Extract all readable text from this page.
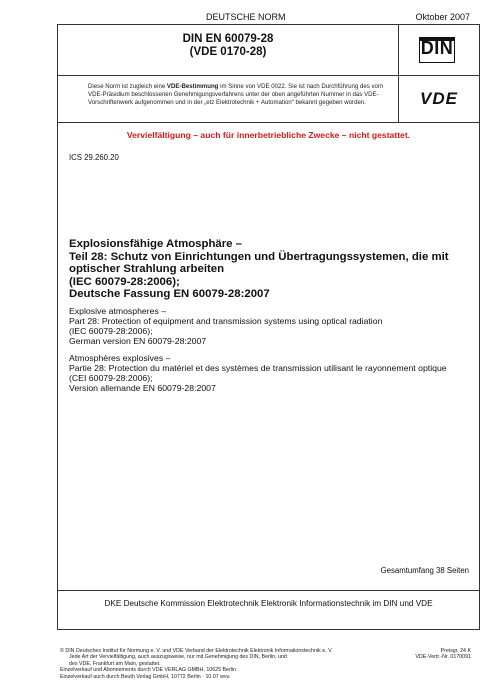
DEUTSCHE NORM	Oktober 2007
DIN EN 60079-28
(VDE 0170-28)	DIN
Diese Norm ist zugleich eine VDE-Bestimmung im Sinne von VDE 0022. Sie ist nach Durchführung des vom VDE-Präsidium beschlossenen Genehmigungsverfahrens unter der oben angeführten Nummer in das VDE-Vorschriftenwerk aufgenommen und in der „etz Elektrotechnik + Automation“ bekannt gegeben worden.	VDE
Vervielfältigung – auch für innerbetriebliche Zwecke – nicht gestattet.
ICS 29.260.20
Explosionsfähige Atmosphäre –
Teil 28: Schutz von Einrichtungen und Übertragungssystemen, die mit optischer Strahlung arbeiten
(IEC 60079-28:2006);
Deutsche Fassung EN 60079-28:2007
Explosive atmospheres –
Part 28: Protection of equipment and transmission systems using optical radiation
(IEC 60079-28:2006);
German version EN 60079-28:2007
Atmosphères explosives –
Partie 28: Protection du matériel et des systèmes de transmission utilisant le rayonnement optique
(CEI 60079-28:2006);
Version allemande EN 60079-28:2007
Gesamtumfang 38 Seiten
DKE Deutsche Kommission Elektrotechnik Elektronik Informationstechnik im DIN und VDE
© DIN Deutsches Institut für Normung e. V. und VDE Verband der Elektrotechnik Elektronik Informationstechnik e. V.
Jede Art der Vervielfältigung, auch auszugsweise, nur mit Genehmigung des DIN, Berlin, und
des VDE, Frankfurt am Main, gestattet.
Einzelverkauf und Abonnements durch VDE VERLAG GMBH, 10625 Berlin
Einzelverkauf auch durch Beuth Verlag GmbH, 10772 Berlin · 10.07 wvu
Preisgr. 24 K
VDE-Vertr.-Nr. 0170091
